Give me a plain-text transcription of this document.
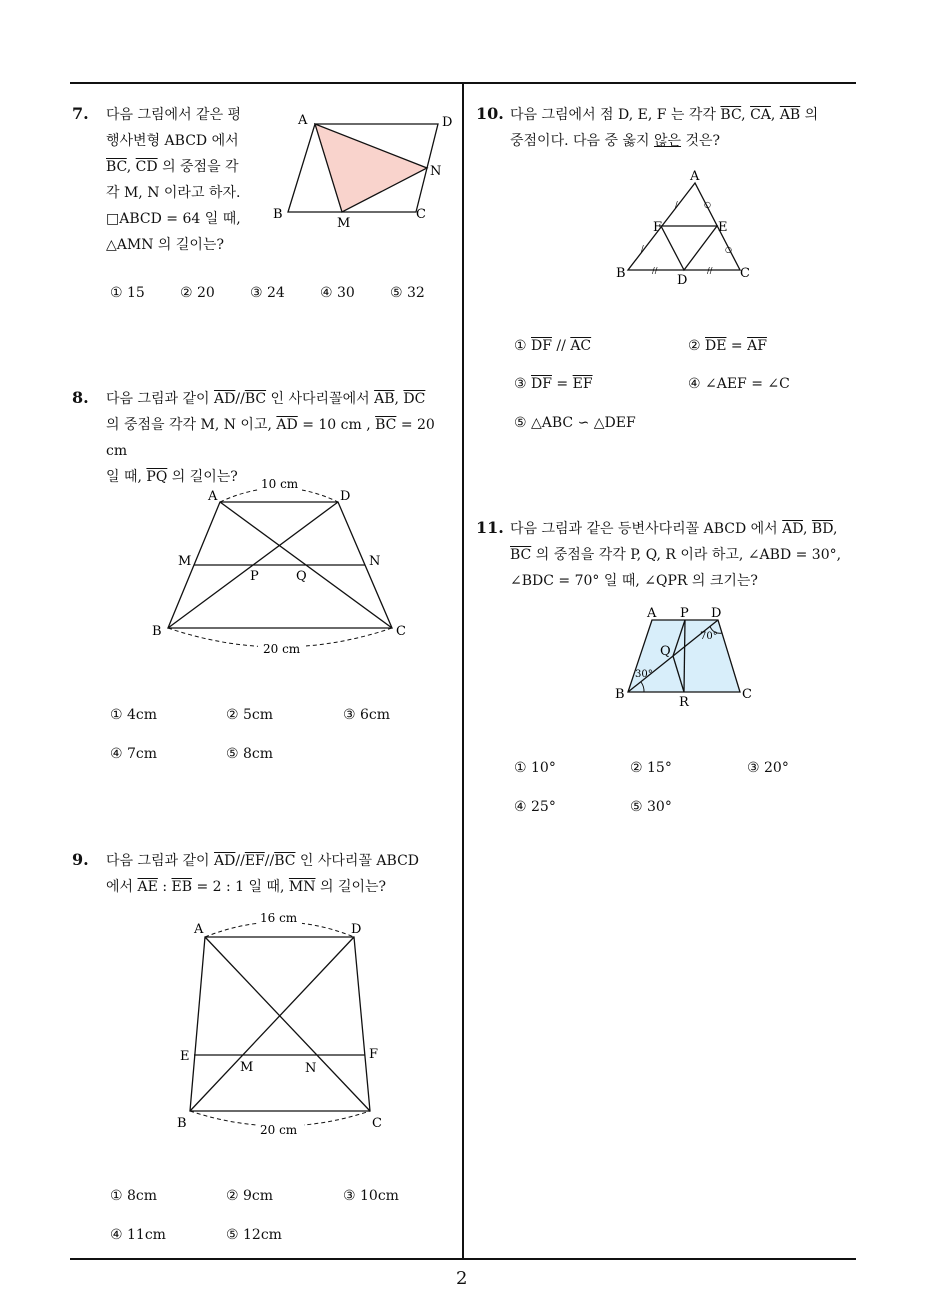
7. 다음 그림에서 같은 평
행사변형 ABCD 에서
$\overline{BC}$, $\overline{CD}$ 의 중점을 각
각 M, N 이라고 하자.
□ABCD = 64 일 때,
△AMN 의 길이는?
A	D
N
B	C
M
① 15	② 20	③ 24	④ 30	⑤ 32
8. 다음 그림과 같이 $\overline{AD}//\overline{BC}$ 인 사다리꼴에서 $\overline{AB}$, $\overline{DC}$
의 중점을 각각 M, N 이고, $\overline{AD} = 10$ cm , $\overline{BC} = 20$ cm
일 때, $\overline{PQ}$ 의 길이는?	10 cm
20 cm
A	D
M	N
P	Q
B	C
① 4cm	② 5cm	③ 6cm
④ 7cm	⑤ 8cm
9. 다음 그림과 같이 $\overline{AD}//\overline{EF}//\overline{BC}$ 인 사다리꼴 ABCD
에서 $\overline{AE}$ : $\overline{EB} = 2$ : 1 일 때, $\overline{MN}$ 의 길이는?
16 cm
20 cm
A	D
E	F
M	N
B	C
① 8cm	② 9cm	③ 10cm
④ 11cm	⑤ 12cm
10. 다음 그림에서 점 D, E, F 는 각각 $\overline{BC}$, $\overline{CA}$, $\overline{AB}$ 의
중점이다. 다음 중 옳지 않은 것은?
/	○
/	○
//	//
A
F	E
B	D	C
① $\overline{DF} // \overline{AC}$	② $\overline{DE} = \overline{AF}$
③ $\overline{DF} = \overline{EF}$	④ ∠AEF = ∠C
⑤ △ABC ∽ △DEF
11. 다음 그림과 같은 등변사다리꼴 ABCD 에서 $\overline{AD}$, $\overline{BD}$,
$\overline{BC}$ 의 중점을 각각 P, Q, R 이라 하고, ∠ABD = 30°,
∠BDC = 70° 일 때, ∠QPR 의 크기는?
A P D
70°
Q
30°
B
R
C
① 10°	② 15°	③ 20°
④ 25°	⑤ 30°
2
